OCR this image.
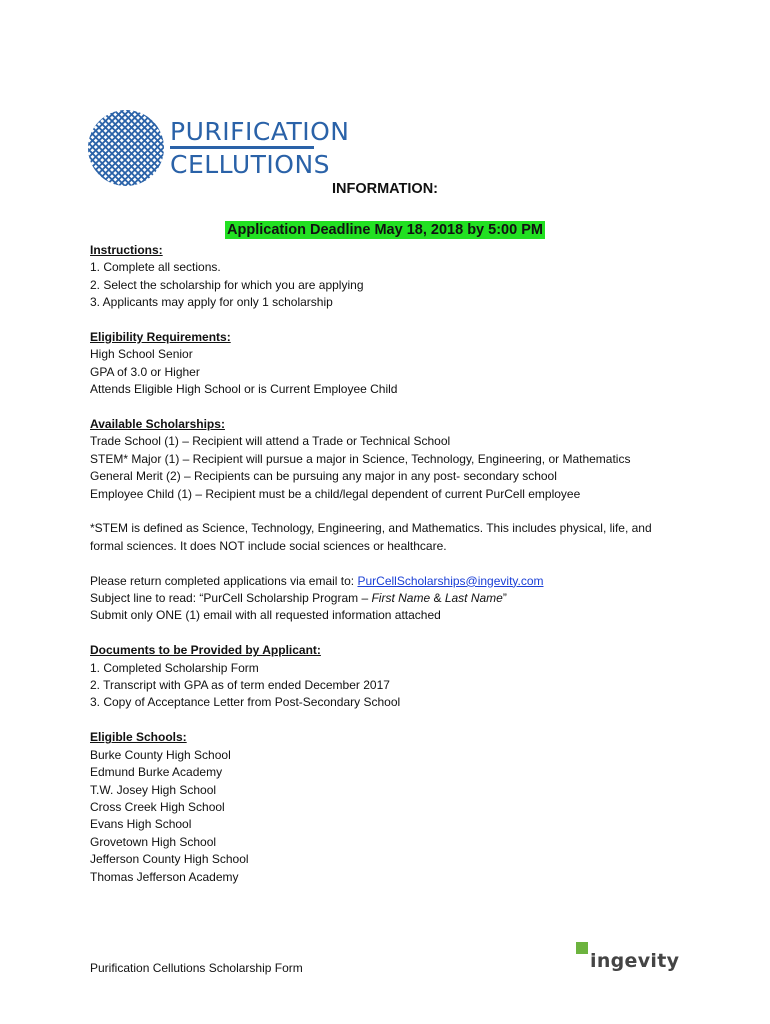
PURIFICATION
CELLUTIONS
INFORMATION:
Application Deadline May 18, 2018 by 5:00 PM

Instructions:

1. Complete all sections.

2. Select the scholarship for which you are applying

3. Applicants may apply for only 1 scholarship

Eligibility Requirements:

High School Senior

GPA of 3.0 or Higher

Attends Eligible High School or is Current Employee Child

Available Scholarships:

Trade School (1) – Recipient will attend a Trade or Technical School

STEM* Major (1) – Recipient will pursue a major in Science, Technology, Engineering, or Mathematics

General Merit (2) – Recipients can be pursuing any major in any post- secondary school

Employee Child (1) – Recipient must be a child/legal dependent of current PurCell employee

*STEM is defined as Science, Technology, Engineering, and Mathematics. This includes physical, life, and

formal sciences. It does NOT include social sciences or healthcare.

Please return completed applications via email to: PurCellScholarships@ingevity.com

Subject line to read: “PurCell Scholarship Program – First Name & Last Name”

Submit only ONE (1) email with all requested information attached

Documents to be Provided by Applicant:

1. Completed Scholarship Form

2. Transcript with GPA as of term ended December 2017

3. Copy of Acceptance Letter from Post-Secondary School

Eligible Schools:

Burke County High School

Edmund Burke Academy

T.W. Josey High School

Cross Creek High School

Evans High School

Grovetown High School

Jefferson County High School

Thomas Jefferson Academy

Purification Cellutions Scholarship Form	ingevity
